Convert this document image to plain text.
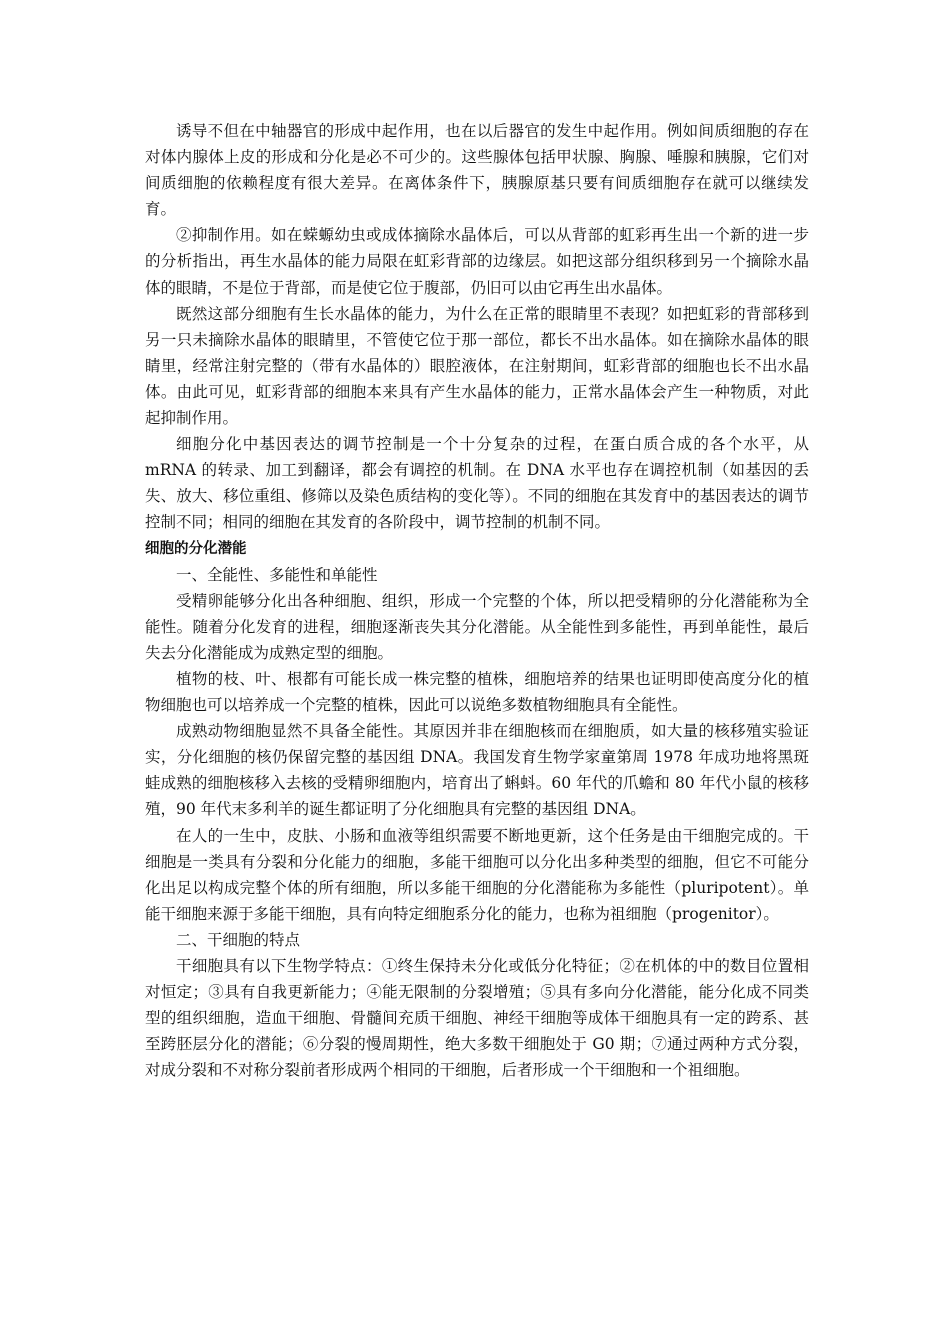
诱导不但在中轴器官的形成中起作用，也在以后器官的发生中起作用。例如间质细胞的存在对体内腺体上皮的形成和分化是必不可少的。这些腺体包括甲状腺、胸腺、唾腺和胰腺，它们对间质细胞的依赖程度有很大差异。在离体条件下，胰腺原基只要有间质细胞存在就可以继续发育。

②抑制作用。如在蝾螈幼虫或成体摘除水晶体后，可以从背部的虹彩再生出一个新的进一步的分析指出，再生水晶体的能力局限在虹彩背部的边缘层。如把这部分组织移到另一个摘除水晶体的眼睛，不是位于背部，而是使它位于腹部，仍旧可以由它再生出水晶体。

既然这部分细胞有生长水晶体的能力，为什么在正常的眼睛里不表现？如把虹彩的背部移到另一只未摘除水晶体的眼睛里，不管使它位于那一部位，都长不出水晶体。如在摘除水晶体的眼睛里，经常注射完整的（带有水晶体的）眼腔液体，在注射期间，虹彩背部的细胞也长不出水晶体。由此可见，虹彩背部的细胞本来具有产生水晶体的能力，正常水晶体会产生一种物质，对此起抑制作用。

细胞分化中基因表达的调节控制是一个十分复杂的过程，在蛋白质合成的各个水平，从 mRNA 的转录、加工到翻译，都会有调控的机制。在 DNA 水平也存在调控机制（如基因的丢失、放大、移位重组、修筛以及染色质结构的变化等）。不同的细胞在其发育中的基因表达的调节控制不同；相同的细胞在其发育的各阶段中，调节控制的机制不同。

细胞的分化潜能

一、全能性、多能性和单能性

受精卵能够分化出各种细胞、组织，形成一个完整的个体，所以把受精卵的分化潜能称为全能性。随着分化发育的进程，细胞逐渐丧失其分化潜能。从全能性到多能性，再到单能性，最后失去分化潜能成为成熟定型的细胞。

植物的枝、叶、根都有可能长成一株完整的植株，细胞培养的结果也证明即使高度分化的植物细胞也可以培养成一个完整的植株，因此可以说绝多数植物细胞具有全能性。

成熟动物细胞显然不具备全能性。其原因并非在细胞核而在细胞质，如大量的核移殖实验证实，分化细胞的核仍保留完整的基因组 DNA。我国发育生物学家童第周 1978 年成功地将黑斑蛙成熟的细胞核移入去核的受精卵细胞内，培育出了蝌蚪。60 年代的爪蟾和 80 年代小鼠的核移殖，90 年代末多利羊的诞生都证明了分化细胞具有完整的基因组 DNA。

在人的一生中，皮肤、小肠和血液等组织需要不断地更新，这个任务是由干细胞完成的。干细胞是一类具有分裂和分化能力的细胞，多能干细胞可以分化出多种类型的细胞，但它不可能分化出足以构成完整个体的所有细胞，所以多能干细胞的分化潜能称为多能性（pluripotent）。单能干细胞来源于多能干细胞，具有向特定细胞系分化的能力，也称为祖细胞（progenitor）。

二、干细胞的特点

干细胞具有以下生物学特点：①终生保持未分化或低分化特征；②在机体的中的数目位置相对恒定；③具有自我更新能力；④能无限制的分裂增殖；⑤具有多向分化潜能，能分化成不同类型的组织细胞，造血干细胞、骨髓间充质干细胞、神经干细胞等成体干细胞具有一定的跨系、甚至跨胚层分化的潜能；⑥分裂的慢周期性，绝大多数干细胞处于 G0 期；⑦通过两种方式分裂，对成分裂和不对称分裂前者形成两个相同的干细胞，后者形成一个干细胞和一个祖细胞。
